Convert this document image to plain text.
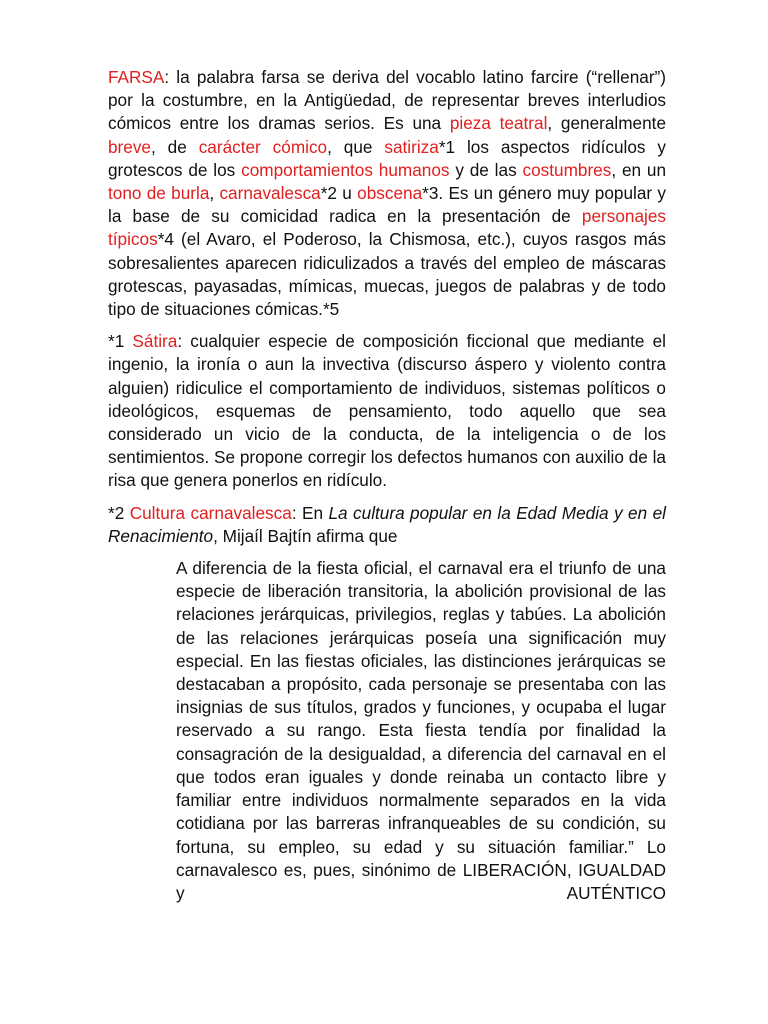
FARSA: la palabra farsa se deriva del vocablo latino farcire (“rellenar”) por la costumbre, en la Antigüedad, de representar breves interludios cómicos entre los dramas serios. Es una pieza teatral, generalmente breve, de carácter cómico, que satiriza*1 los aspectos ridículos y grotescos de los comportamientos humanos y de las costumbres, en un tono de burla, carnavalesca*2 u obscena*3. Es un género muy popular y la base de su comicidad radica en la presentación de personajes típicos*4 (el Avaro, el Poderoso, la Chismosa, etc.), cuyos rasgos más sobresalientes aparecen ridiculizados a través del empleo de máscaras grotescas, payasadas, mímicas, muecas, juegos de palabras y de todo tipo de situaciones cómicas.*5

*1 Sátira: cualquier especie de composición ficcional que mediante el ingenio, la ironía o aun la invectiva (discurso áspero y violento contra alguien) ridiculice el comportamiento de individuos, sistemas políticos o ideológicos, esquemas de pensamiento, todo aquello que sea considerado un vicio de la conducta, de la inteligencia o de los sentimientos. Se propone corregir los defectos humanos con auxilio de la risa que genera ponerlos en ridículo.

*2 Cultura carnavalesca: En La cultura popular en la Edad Media y en el Renacimiento, Mijaíl Bajtín afirma que

A diferencia de la fiesta oficial, el carnaval era el triunfo de una especie de liberación transitoria, la abolición provisional de las relaciones jerárquicas, privilegios, reglas y tabúes. La abolición de las relaciones jerárquicas poseía una significación muy especial. En las fiestas oficiales, las distinciones jerárquicas se destacaban a propósito, cada personaje se presentaba con las insignias de sus títulos, grados y funciones, y ocupaba el lugar reservado a su rango. Esta fiesta tendía por finalidad la consagración de la desigualdad, a diferencia del carnaval en el que todos eran iguales y donde reinaba un contacto libre y familiar entre individuos normalmente separados en la vida cotidiana por las barreras infranqueables de su condición, su fortuna, su empleo, su edad y su situación familiar.” Lo carnavalesco es, pues, sinónimo de LIBERACIÓN, IGUALDAD y AUTÉNTICO
